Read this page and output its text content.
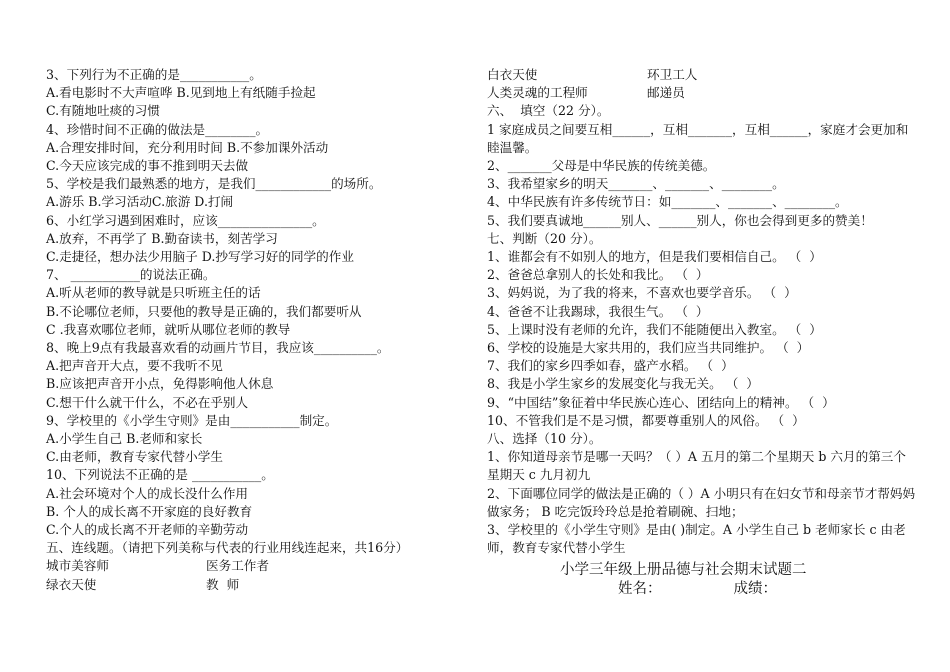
3、下列行为不正确的是___________。
A.看电影时不大声喧哗 B.见到地上有纸随手捡起
C.有随地吐痰的习惯
4、珍惜时间不正确的做法是________。
A.合理安排时间，充分利用时间 B.不参加课外活动
C.今天应该完成的事不推到明天去做
5、学校是我们最熟悉的地方，是我们____________的场所。
A.游乐 B.学习活动C.旅游 D.打闹
6、小红学习遇到困难时，应该_______________。
A.放弃，不再学了 B.勤奋读书，刻苦学习
C.走捷径，想办法少用脑子 D.抄写学习好的同学的作业
7、 ___________的说法正确。
A.听从老师的教导就是只听班主任的话
B.不论哪位老师，只要他的教导是正确的，我们都要听从
C .我喜欢哪位老师，就听从哪位老师的教导
8、晚上9点有我最喜欢看的动画片节目，我应该__________。
A.把声音开大点，要不我听不见
B.应该把声音开小点，免得影响他人休息
C.想干什么就干什么，不必在乎别人
9、学校里的《小学生守则》是由___________制定。
A.小学生自己 B.老师和家长
C.由老师，教育专家代替小学生
10、下列说法不正确的是 ___________。
A.社会环境对个人的成长没什么作用
B. 个人的成长离不开家庭的良好教育
C.个人的成长离不开老师的辛勤劳动
五、连线题。（请把下列美称与代表的行业用线连起来，共16分）
城市美容师	医务工作者
绿衣天使	教  师
白衣天使	环卫工人
人类灵魂的工程师	邮递员
六、  填空（22 分）。
1 家庭成员之间要互相______，互相_______，互相______，家庭才会更加和睦温馨。
2、_______父母是中华民族的传统美德。
3、我希望家乡的明天_______、_______、________。
4、中华民族有许多传统节日：如_______、_______、________。
5、我们要真诚地______别人、______别人，你也会得到更多的赞美！
七、判断（20 分）。
1、谁都会有不如别人的地方，但是我们要相信自己。 （  ）
2、爸爸总拿别人的长处和我比。 （  ）
3、妈妈说，为了我的将来，不喜欢也要学音乐。 （  ）
4、爸爸不让我踢球，我很生气。 （  ）
5、上课时没有老师的允许，我们不能随便出入教室。 （  ）
6、学校的设施是大家共用的，我们应当共同维护。 （  ）
7、我们的家乡四季如春，盛产水稻。 （  ）
8、我是小学生家乡的发展变化与我无关。 （  ）
9、“中国结”象征着中华民族心连心、团结向上的精神。 （  ）
10、不管我们是不是习惯，都要尊重别人的风俗。 （  ）
八、选择（10 分）。
1、你知道母亲节是哪一天吗？（ ）A 五月的第二个星期天 b 六月的第三个星期天 c 九月初九
2、下面哪位同学的做法是正确的（ ）A 小明只有在妇女节和母亲节才帮妈妈做家务； B 吃完饭玲玲总是抢着刷碗、扫地；
3、学校里的《小学生守则》是由( )制定。A 小学生自己 b 老师家长 c 由老师，教育专家代替小学生
小学三年级上册品德与社会期末试题二
姓名：	成绩：
